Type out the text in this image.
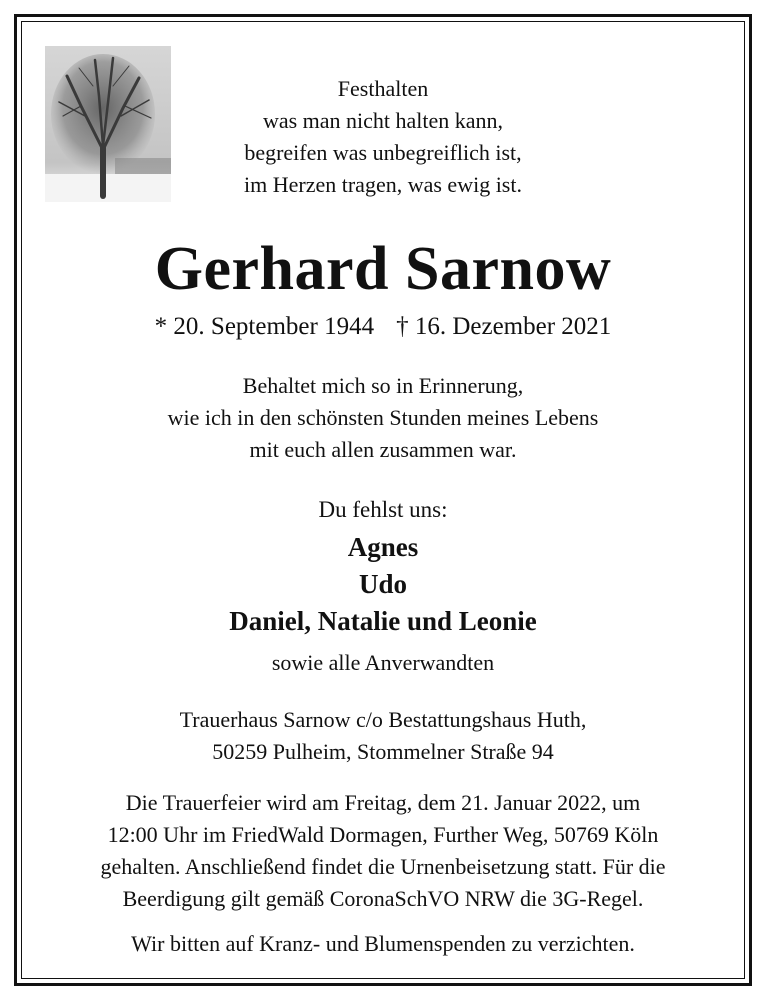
Festhalten
was man nicht halten kann,
begreifen was unbegreiflich ist,
im Herzen tragen, was ewig ist.
Gerhard Sarnow
* 20. September 1944 † 16. Dezember 2021
Behaltet mich so in Erinnerung,
wie ich in den schönsten Stunden meines Lebens
mit euch allen zusammen war.
Du fehlst uns:
Agnes
Udo
Daniel, Natalie und Leonie
sowie alle Anverwandten
Trauerhaus Sarnow c/o Bestattungshaus Huth,
50259 Pulheim, Stommelner Straße 94
Die Trauerfeier wird am Freitag, dem 21. Januar 2022, um
12:00 Uhr im FriedWald Dormagen, Further Weg, 50769 Köln
gehalten. Anschließend findet die Urnenbeisetzung statt. Für die
Beerdigung gilt gemäß CoronaSchVO NRW die 3G-Regel.
Wir bitten auf Kranz- und Blumenspenden zu verzichten.
